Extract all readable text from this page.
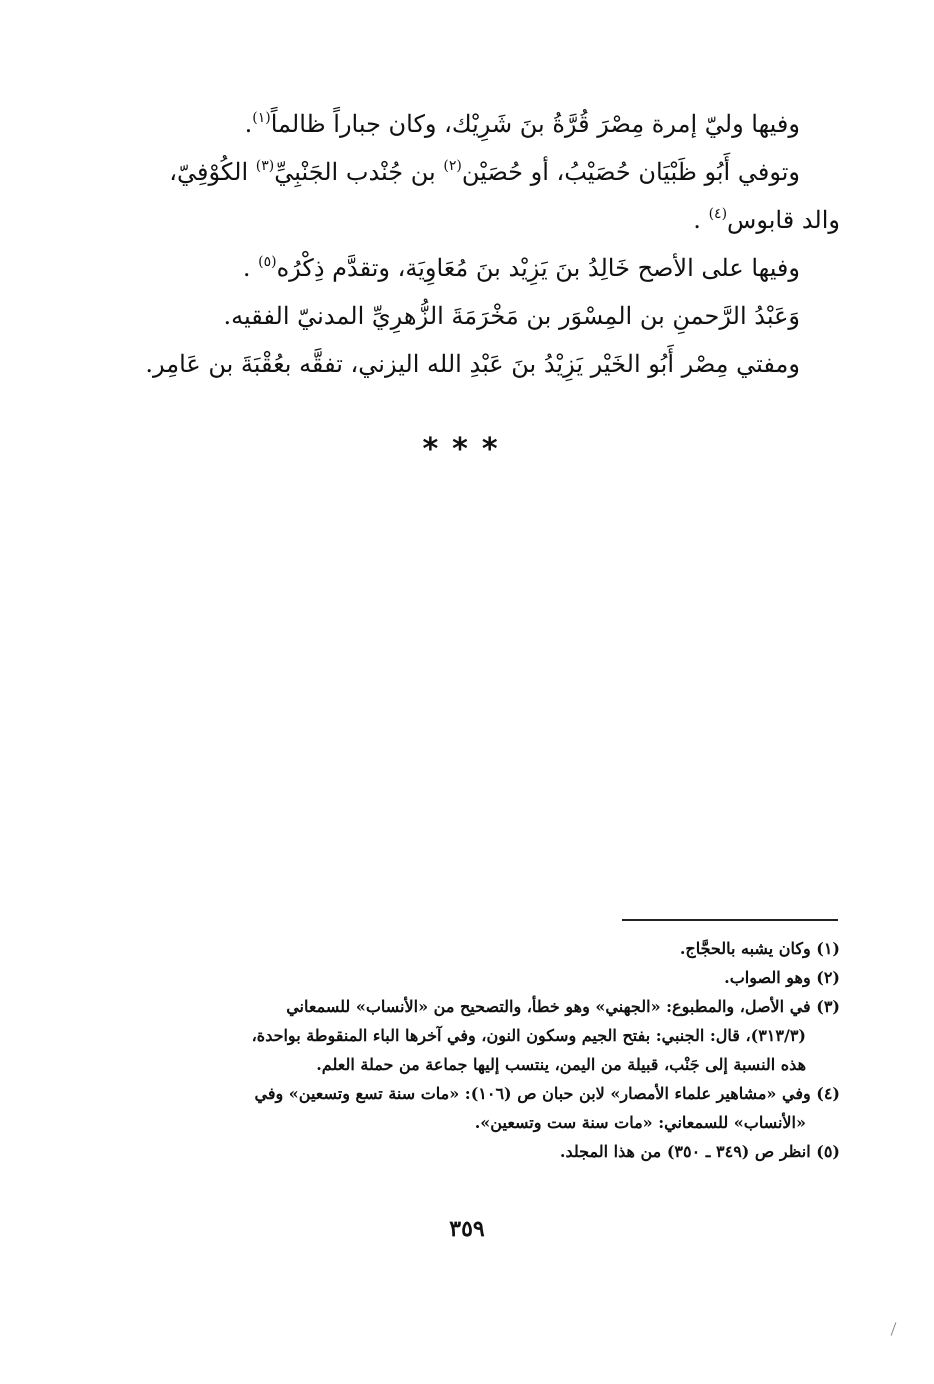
وفيها وليّ إمرة مِصْرَ قُرَّةُ بنَ شَرِيْك، وكان جباراً ظالماً$^{(١)}$.

وتوفي أَبُو ظَبْيَان حُصَيْبُ، أو حُصَيْن$^{(٢)}$ بن جُنْدب الجَنْبِيِّ$^{(٣)}$ الكُوْفِيّ،

والد قابوس$^{(٤)}$ .

وفيها على الأصح خَالِدُ بنَ يَزِيْد بنَ مُعَاوِيَة، وتقدَّم ذِكْرُه$^{(٥)}$ .

وَعَبْدُ الرَّحمنِ بن المِسْوَر بن مَخْرَمَةَ الزُّهرِيِّ المدنيّ الفقيه.

ومفتي مِصْر أَبُو الخَيْر يَزِيْدُ بنَ عَبْدِ الله اليزني، تفقَّه بعُقْبَةَ بن عَامِر.

***

(١) وكان يشبه بالحجَّاج.

(٢) وهو الصواب.

(٣) في الأصل، والمطبوع: «الجهني» وهو خطأ، والتصحيح من «الأنساب» للسمعاني

(٣١٣/٣)، قال: الجنبي: بفتح الجيم وسكون النون، وفي آخرها الباء المنقوطة بواحدة،

هذه النسبة إلى جَنْب، قبيلة من اليمن، ينتسب إليها جماعة من حملة العلم.

(٤) وفي «مشاهير علماء الأمصار» لابن حبان ص (١٠٦): «مات سنة تسع وتسعين» وفي

«الأنساب» للسمعاني: «مات سنة ست وتسعين».

(٥) انظر ص (٣٤٩ ـ ٣٥٠) من هذا المجلد.

٣٥٩
